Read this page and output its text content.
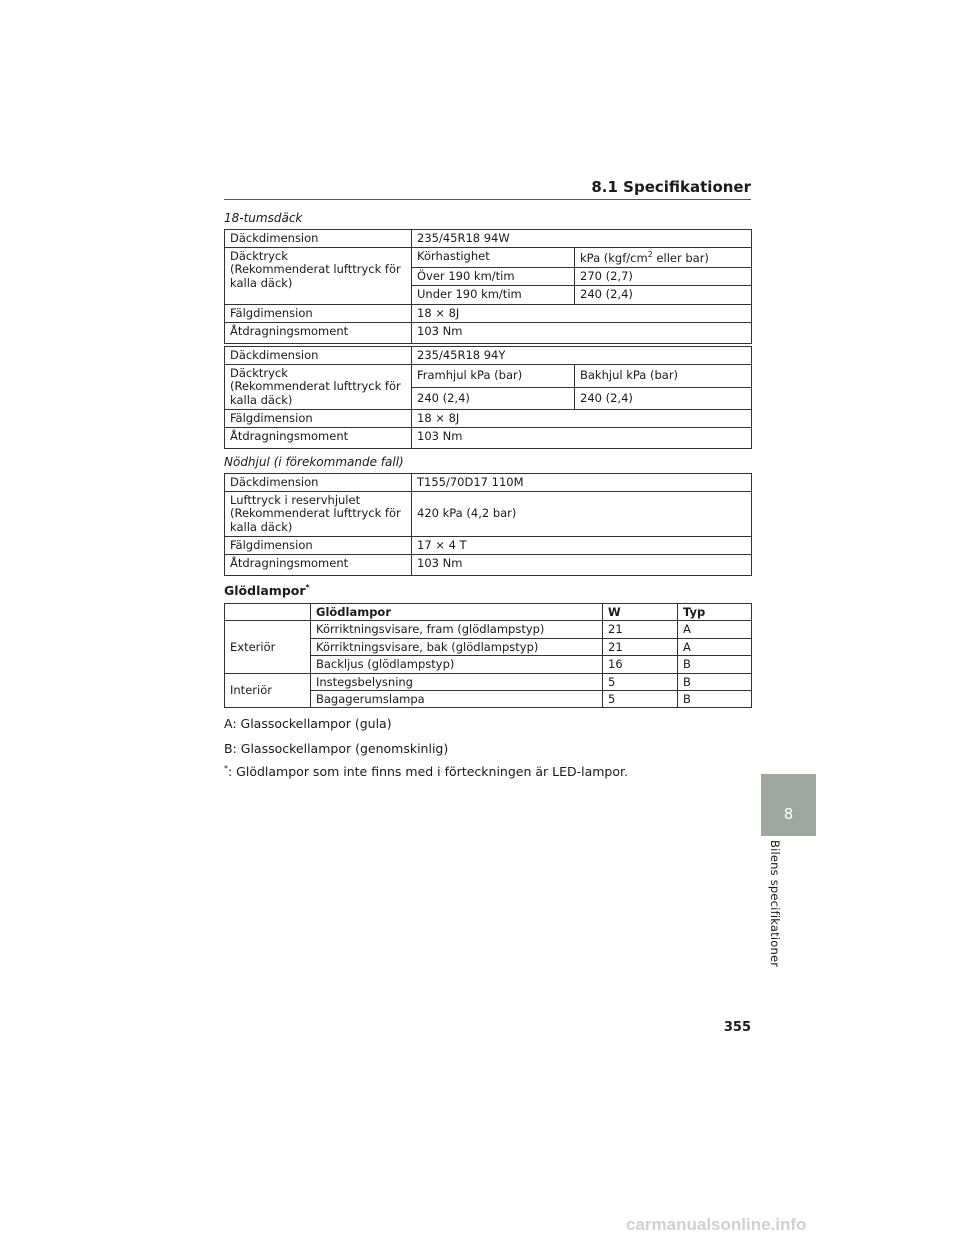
8.1 Specifikationer
18-tumsdäck
Däckdimension	235/45R18 94W	
Däcktryck
(Rekommenderat lufttryck för
kalla däck)	Körhastighet	kPa ($kgf/cm^2$ eller bar)
	Över 190 km/tim	270 (2,7)
	Under 190 km/tim	240 (2,4)
Fälgdimension	18 × 8J	
Åtdragningsmoment	103 Nm	
Däckdimension	235/45R18 94Y	
Däcktryck
(Rekommenderat lufttryck för
kalla däck)	Framhjul kPa (bar)	Bakhjul kPa (bar)
	240 (2,4)	240 (2,4)
Fälgdimension	18 × 8J	
Åtdragningsmoment	103 Nm	
Nödhjul (i förekommande fall)
Däckdimension	T155/70D17 110M
Lufttryck i reservhjulet
(Rekommenderat lufttryck för
kalla däck)	420 kPa (4,2 bar)
Fälgdimension	17 × 4 T
Åtdragningsmoment	103 Nm
Glödlampor*
	Glödlampor	W	Typ
Exteriör	Körriktningsvisare, fram (glödlampstyp)	21	A
	Körriktningsvisare, bak (glödlampstyp)	21	A
	Backljus (glödlampstyp)	16	B
Interiör	Instegsbelysning	5	B
	Bagagerumslampa	5	B
A: Glassockellampor (gula)
B: Glassockellampor (genomskinlig)
*: Glödlampor som inte finns med i förteckningen är LED-lampor.
8
Bilens specifikationer
355
carmanualsonline.info
